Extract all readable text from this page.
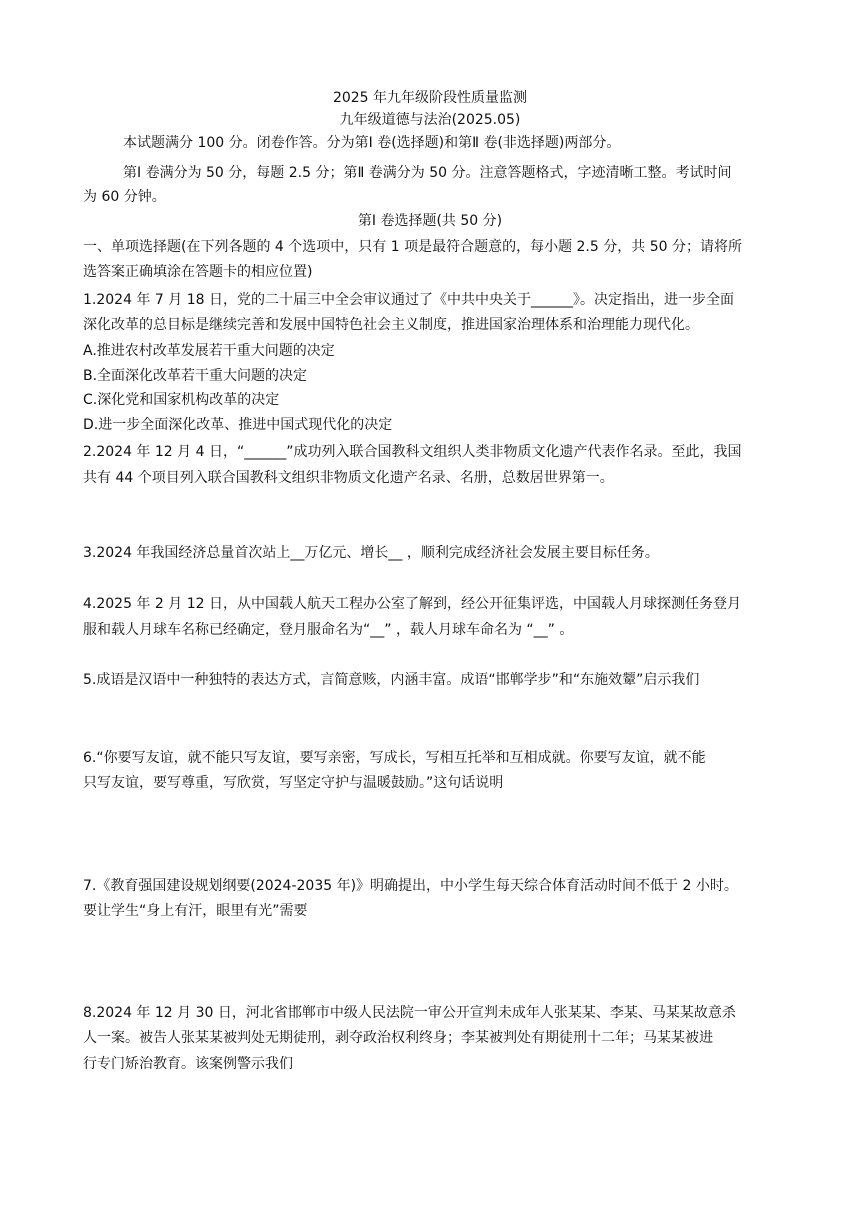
2025 年九年级阶段性质量监测
九年级道德与法治(2025.05)
本试题满分 100 分。闭卷作答。分为第Ⅰ 卷(选择题)和第Ⅱ 卷(非选择题)两部分。
第Ⅰ 卷满分为 50 分，每题 2.5 分；第Ⅱ 卷满分为 50 分。注意答题格式，字迹清晰工整。考试时间
为 60 分钟。
第Ⅰ 卷选择题(共 50 分)
一、单项选择题(在下列各题的 4 个选项中，只有 1 项是最符合题意的，每小题 2.5 分，共 50 分；请将所
选答案正确填涂在答题卡的相应位置)
1.2024 年 7 月 18 日，党的二十届三中全会审议通过了《中共中央关于______》。决定指出，进一步全面
深化改革的总目标是继续完善和发展中国特色社会主义制度，推进国家治理体系和治理能力现代化。
A.推进农村改革发展若干重大问题的决定
B.全面深化改革若干重大问题的决定
C.深化党和国家机构改革的决定
D.进一步全面深化改革、推进中国式现代化的决定
2.2024 年 12 月 4 日，“______”成功列入联合国教科文组织人类非物质文化遗产代表作名录。至此，我国
共有 44 个项目列入联合国教科文组织非物质文化遗产名录、名册，总数居世界第一。
3.2024 年我国经济总量首次站上__万亿元、增长__ ，顺利完成经济社会发展主要目标任务。
4.2025 年 2 月 12 日，从中国载人航天工程办公室了解到，经公开征集评选，中国载人月球探测任务登月
服和载人月球车名称已经确定，登月服命名为“__” ，载人月球车命名为 “__” 。
5.成语是汉语中一种独特的表达方式，言简意赅，内涵丰富。成语“邯郸学步”和“东施效颦”启示我们
6.“你要写友谊，就不能只写友谊，要写亲密，写成长，写相互托举和互相成就。你要写友谊，就不能
只写友谊，要写尊重，写欣赏，写坚定守护与温暖鼓励。”这句话说明
7.《教育强国建设规划纲要(2024-2035 年)》明确提出，中小学生每天综合体育活动时间不低于 2 小时。
要让学生“身上有汗，眼里有光”需要
8.2024 年 12 月 30 日，河北省邯郸市中级人民法院一审公开宣判未成年人张某某、李某、马某某故意杀
人一案。被告人张某某被判处无期徒刑，剥夺政治权利终身；李某被判处有期徒刑十二年；马某某被进
行专门矫治教育。该案例警示我们
